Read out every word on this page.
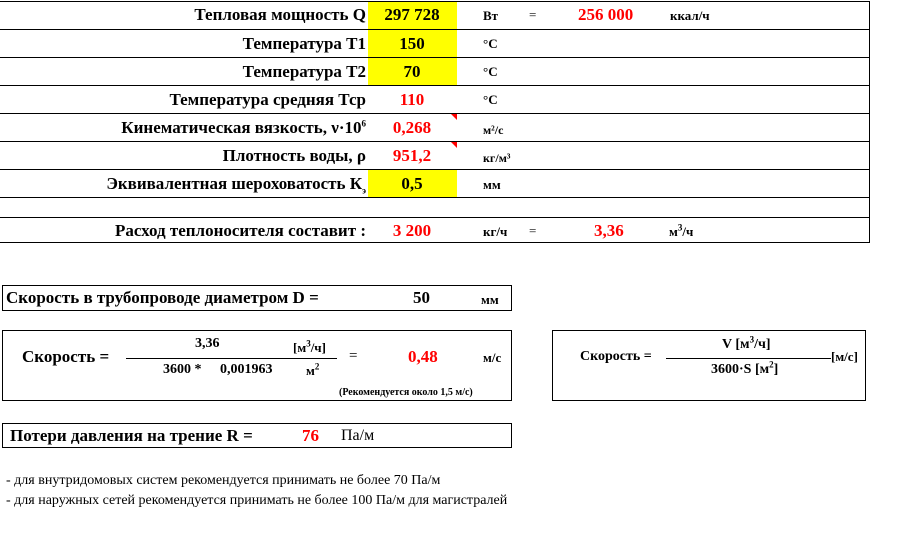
Тепловая мощность Q	297 728	Вт = 256 000	ккал/ч
Температура Т1	150	°С
Температура Т2	70	°С
Температура средняя Тср	110	°С
Кинематическая вязкость, $\nu\cdot 10^6$	0,268	м²/с
Плотность воды, ρ	951,2	кг/м³
Эквивалентная шероховатость $К_э$	0,5	мм
Расход теплоносителя составит :	3 200	кг/ч =	3,36	$м^3/ч$
Скорость в трубопроводе диаметром D =	50	мм
Скорость =
3,36	$[м^3/ч]$
3600 * 0,001963	$м^2$
=	0,48	м/с
(Рекомендуется около 1,5 м/с)
Скорость =
V $[м^3/ч]$
3600·S $[м^2]$
[м/с]
Потери давления на трение R =	76 Па/м
- для внутридомовых систем рекомендуется принимать не более 70 Па/м
- для наружных сетей рекомендуется принимать не более 100 Па/м для магистралей
